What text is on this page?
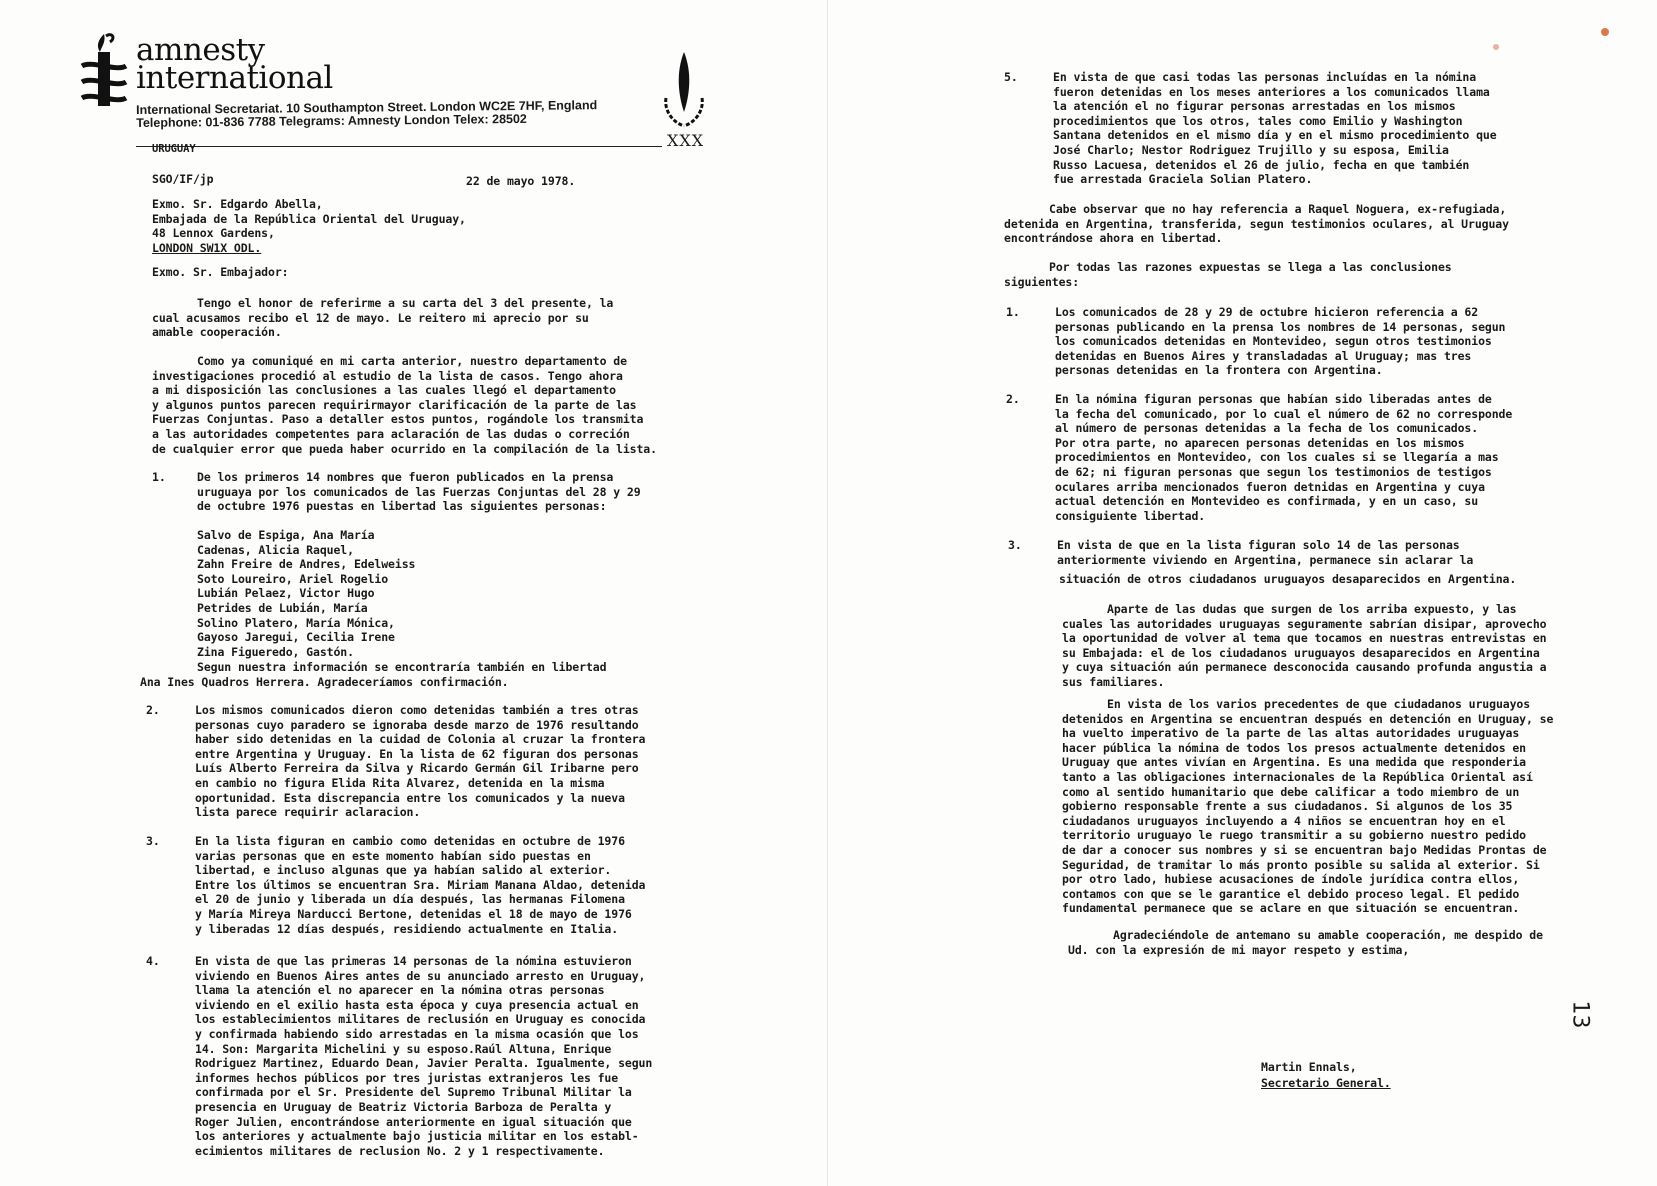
amnesty
international
International Secretariat. 10 Southampton Street. London WC2E 7HF, England
Telephone: 01-836 7788 Telegrams: Amnesty London Telex: 28502
XXX
URUGUAY
SGO/IF/jp	22 de mayo 1978.
Exmo. Sr. Edgardo Abella,
Embajada de la República Oriental del Uruguay,
48 Lennox Gardens,
LONDON SW1X ODL.
Exmo. Sr. Embajador:
Tengo el honor de referirme a su carta del 3 del presente, la
cual acusamos recibo el 12 de mayo. Le reitero mi aprecio por su
amable cooperación.
Como ya comuniqué en mi carta anterior, nuestro departamento de
investigaciones procedió al estudio de la lista de casos. Tengo ahora
a mi disposición las conclusiones a las cuales llegó el departamento
y algunos puntos parecen requirirmayor clarificación de la parte de las
Fuerzas Conjuntas. Paso a detaller estos puntos, rogándole los transmita
a las autoridades competentes para aclaración de las dudas o correción
de cualquier error que pueda haber ocurrido en la compilación de la lista.
1.	De los primeros 14 nombres que fueron publicados en la prensa
uruguaya por los comunicados de las Fuerzas Conjuntas del 28 y 29
de octubre 1976 puestas en libertad las siguientes personas:
Salvo de Espiga, Ana María
Cadenas, Alicia Raquel,
Zahn Freire de Andres, Edelweiss
Soto Loureiro, Ariel Rogelio
Lubián Pelaez, Victor Hugo
Petrides de Lubián, María
Solino Platero, María Mónica,
Gayoso Jaregui, Cecilia Irene
Zina Figueredo, Gastón.
Segun nuestra información se encontraría también en libertad
Ana Ines Quadros Herrera. Agradeceríamos confirmación.
2.	Los mismos comunicados dieron como detenidas también a tres otras
personas cuyo paradero se ignoraba desde marzo de 1976 resultando
haber sido detenidas en la cuidad de Colonia al cruzar la frontera
entre Argentina y Uruguay. En la lista de 62 figuran dos personas
Luís Alberto Ferreira da Silva y Ricardo Germán Gil Iribarne pero
en cambio no figura Elida Rita Alvarez, detenida en la misma
oportunidad. Esta discrepancia entre los comunicados y la nueva
lista parece requirir aclaracion.
3.	En la lista figuran en cambio como detenidas en octubre de 1976
varias personas que en este momento habían sido puestas en
libertad, e incluso algunas que ya habían salido al exterior.
Entre los últimos se encuentran Sra. Miriam Manana Aldao, detenida
el 20 de junio y liberada un día después, las hermanas Filomena
y María Mireya Narducci Bertone, detenidas el 18 de mayo de 1976
y liberadas 12 días después, residiendo actualmente en Italia.
4.	En vista de que las primeras 14 personas de la nómina estuvieron
viviendo en Buenos Aires antes de su anunciado arresto en Uruguay,
llama la atención el no aparecer en la nómina otras personas
viviendo en el exilio hasta esta época y cuya presencia actual en
los establecimientos militares de reclusión en Uruguay es conocida
y confirmada habiendo sido arrestadas en la misma ocasión que los
14. Son: Margarita Michelini y su esposo.Raúl Altuna, Enrique
Rodriguez Martinez, Eduardo Dean, Javier Peralta. Igualmente, segun
informes hechos públicos por tres juristas extranjeros les fue
confirmada por el Sr. Presidente del Supremo Tribunal Militar la
presencia en Uruguay de Beatriz Victoria Barboza de Peralta y
Roger Julien, encontrándose anteriormente en igual situación que
los anteriores y actualmente bajo justicia militar en los establ-
ecimientos militares de reclusion No. 2 y 1 respectivamente.
5.	En vista de que casi todas las personas incluídas en la nómina
fueron detenidas en los meses anteriores a los comunicados llama
la atención el no figurar personas arrestadas en los mismos
procedimientos que los otros, tales como Emilio y Washington
Santana detenidos en el mismo día y en el mismo procedimiento que
José Charlo; Nestor Rodriguez Trujillo y su esposa, Emilia
Russo Lacuesa, detenidos el 26 de julio, fecha en que también
fue arrestada Graciela Solian Platero.
Cabe observar que no hay referencia a Raquel Noguera, ex-refugiada,
detenida en Argentina, transferida, segun testimonios oculares, al Uruguay
encontrándose ahora en libertad.
Por todas las razones expuestas se llega a las conclusiones
siguientes:
1.	Los comunicados de 28 y 29 de octubre hicieron referencia a 62
personas publicando en la prensa los nombres de 14 personas, segun
los comunicados detenidas en Montevideo, segun otros testimonios
detenidas en Buenos Aires y transladadas al Uruguay; mas tres
personas detenidas en la frontera con Argentina.
2.	En la nómina figuran personas que habían sido liberadas antes de
la fecha del comunicado, por lo cual el número de 62 no corresponde
al número de personas detenidas a la fecha de los comunicados.
Por otra parte, no aparecen personas detenidas en los mismos
procedimientos en Montevideo, con los cuales si se llegaría a mas
de 62; ni figuran personas que segun los testimonios de testigos
oculares arriba mencionados fueron detnidas en Argentina y cuya
actual detención en Montevideo es confirmada, y en un caso, su
consiguiente libertad.
3.	En vista de que en la lista figuran solo 14 de las personas
anteriormente viviendo en Argentina, permanece sin aclarar la
situación de otros ciudadanos uruguayos desaparecidos en Argentina.
Aparte de las dudas que surgen de los arriba expuesto, y las
cuales las autoridades uruguayas seguramente sabrían disipar, aprovecho
la oportunidad de volver al tema que tocamos en nuestras entrevistas en
su Embajada: el de los ciudadanos uruguayos desaparecidos en Argentina
y cuya situación aún permanece desconocida causando profunda angustia a
sus familiares.
En vista de los varios precedentes de que ciudadanos uruguayos
detenidos en Argentina se encuentran después en detención en Uruguay, se
ha vuelto imperativo de la parte de las altas autoridades uruguayas
hacer pública la nómina de todos los presos actualmente detenidos en
Uruguay que antes vivían en Argentina. Es una medida que responderia
tanto a las obligaciones internacionales de la República Oriental así
como al sentido humanitario que debe calificar a todo miembro de un
gobierno responsable frente a sus ciudadanos. Si algunos de los 35
ciudadanos uruguayos incluyendo a 4 niños se encuentran hoy en el
territorio uruguayo le ruego transmitir a su gobierno nuestro pedido
de dar a conocer sus nombres y si se encuentran bajo Medidas Prontas de
Seguridad, de tramitar lo más pronto posible su salida al exterior. Si
por otro lado, hubiese acusaciones de índole jurídica contra ellos,
contamos con que se le garantice el debido proceso legal. El pedido
fundamental permanece que se aclare en que situación se encuentran.
Agradeciéndole de antemano su amable cooperación, me despido de
Ud. con la expresión de mi mayor respeto y estima,
Martin Ennals,
Secretario General.
13
